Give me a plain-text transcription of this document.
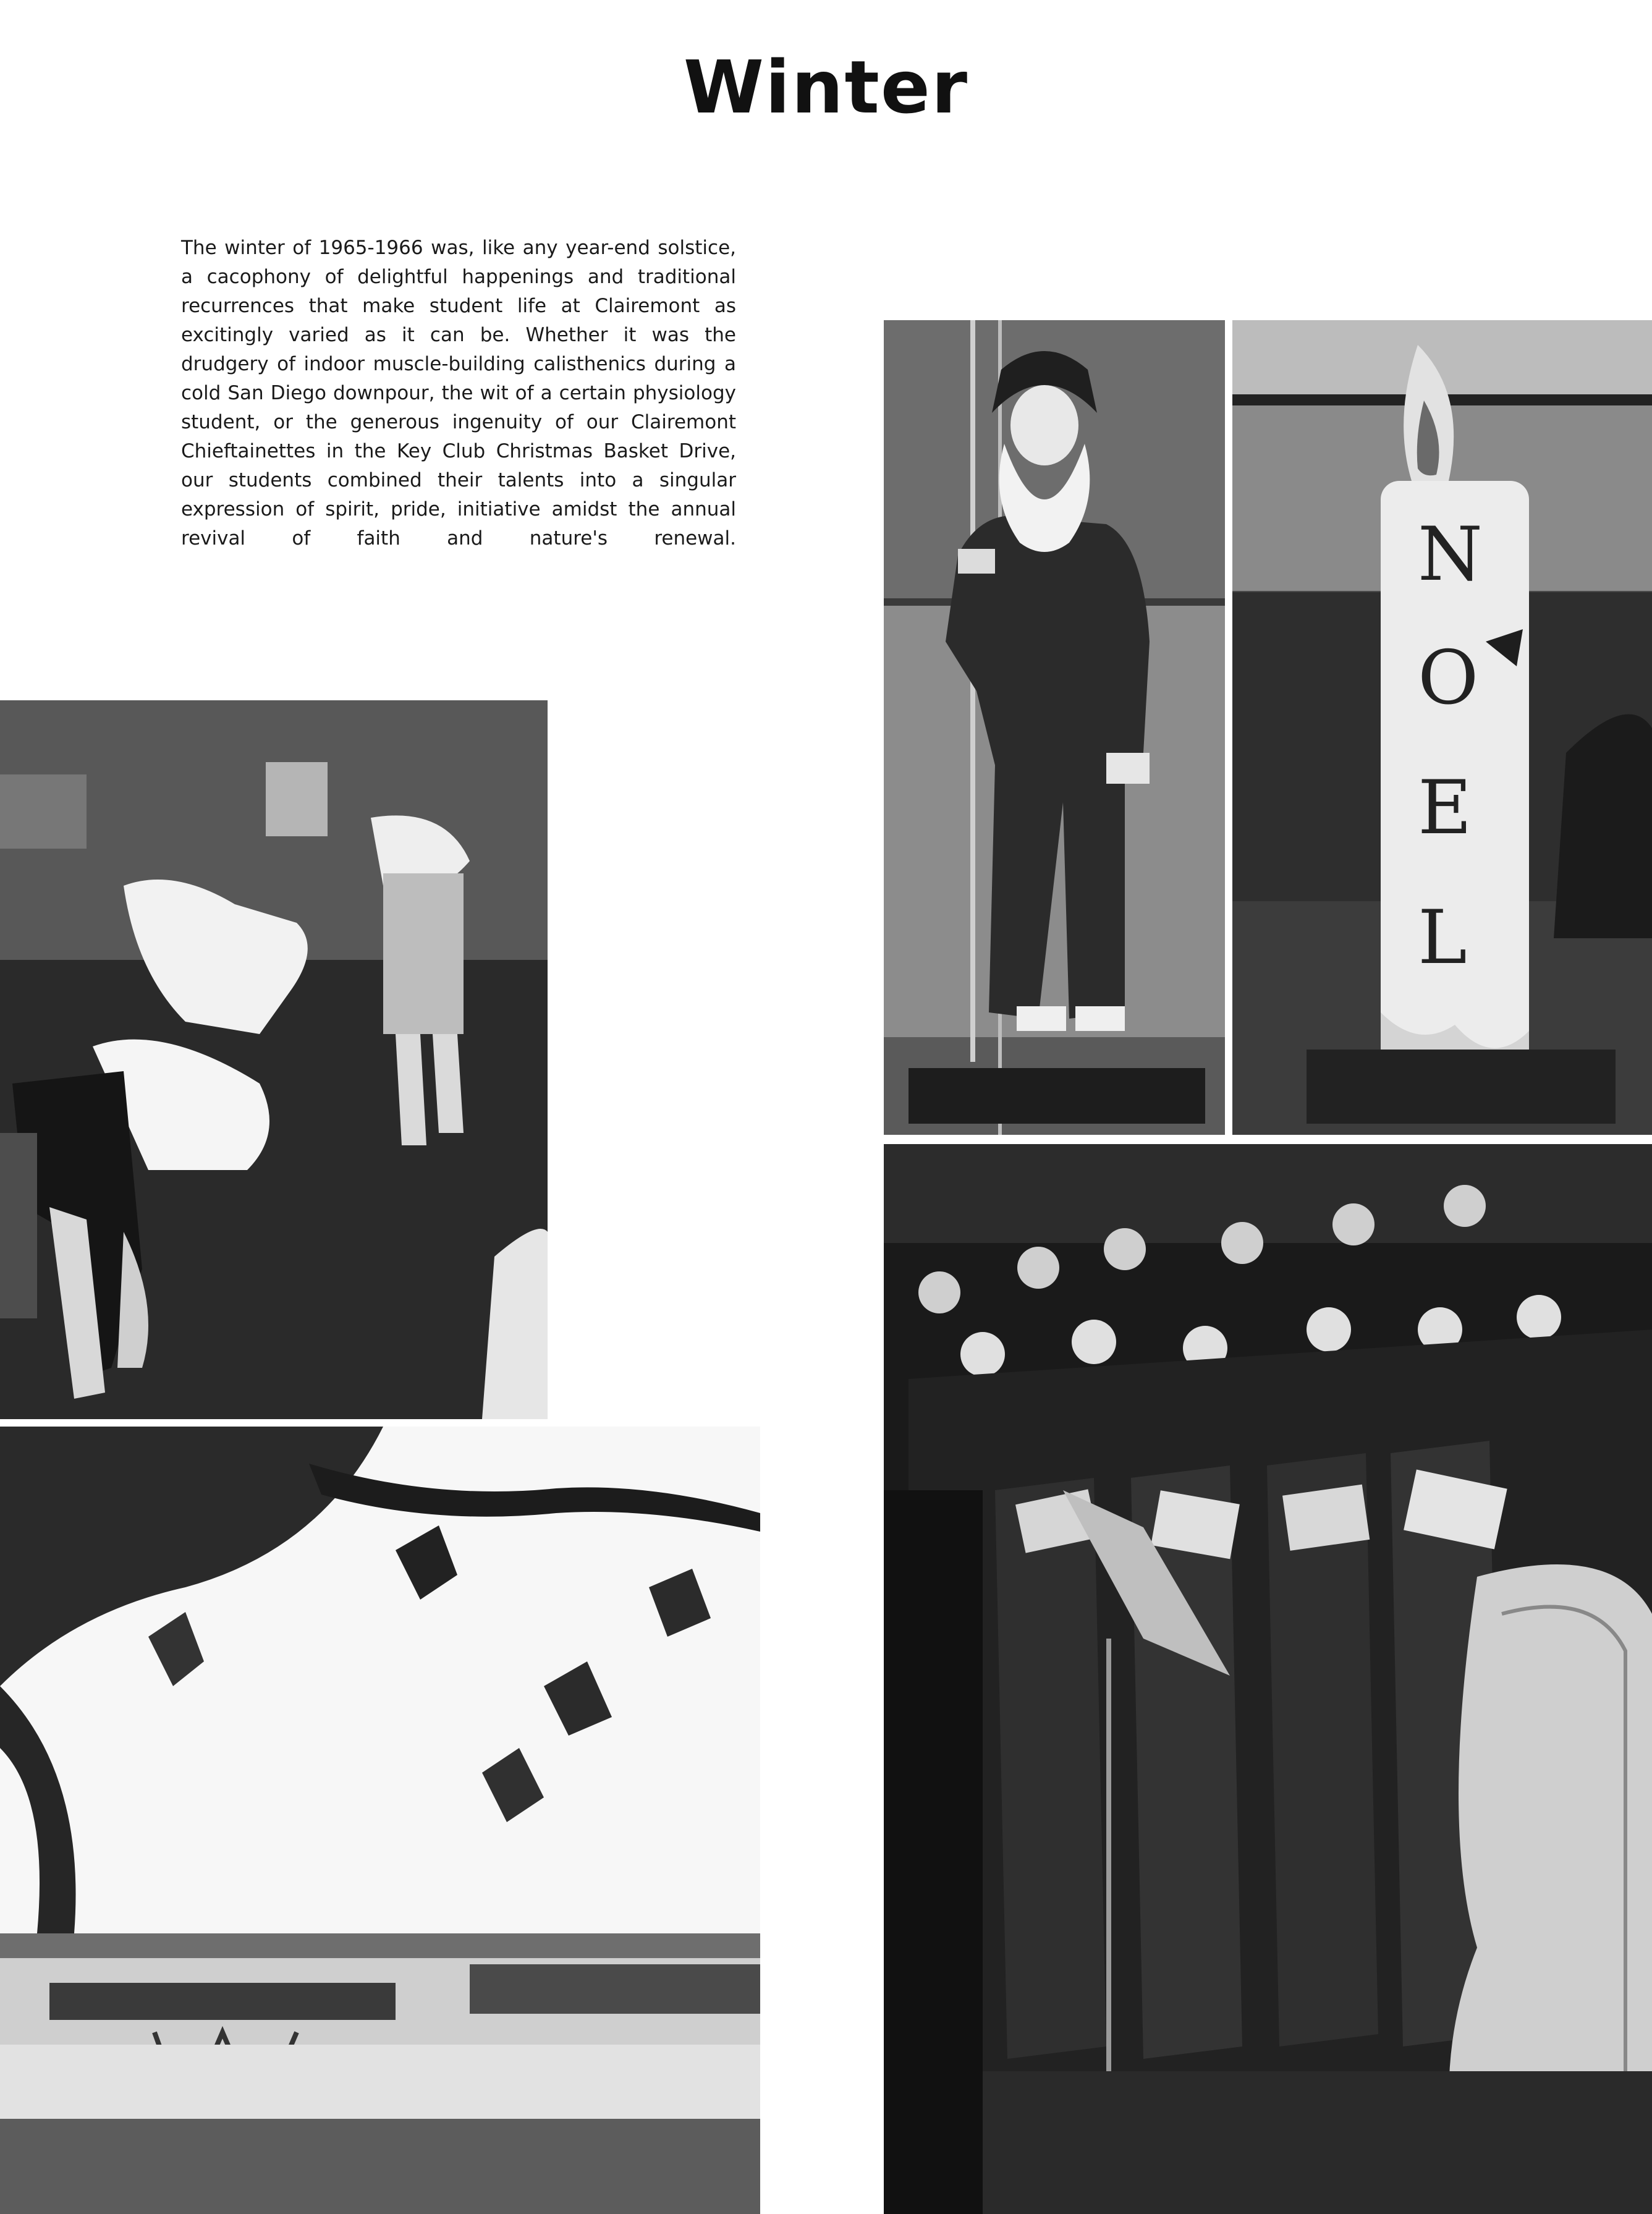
Winter

The winter of 1965-1966 was, like any year-end solstice, a cacophony of delightful happenings and traditional recurrences that make student life at Clairemont as excitingly varied as it can be. Whether it was the drudgery of indoor muscle-building calisthenics during a cold San Diego downpour, the wit of a certain physiology student, or the generous ingenuity of our Clairemont Chieftainettes in the Key Club Christmas Basket Drive, our students combined their talents into a singular expression of spirit, pride, initiative amidst the annual revival of faith and nature's renewal.	N
O
E
L
